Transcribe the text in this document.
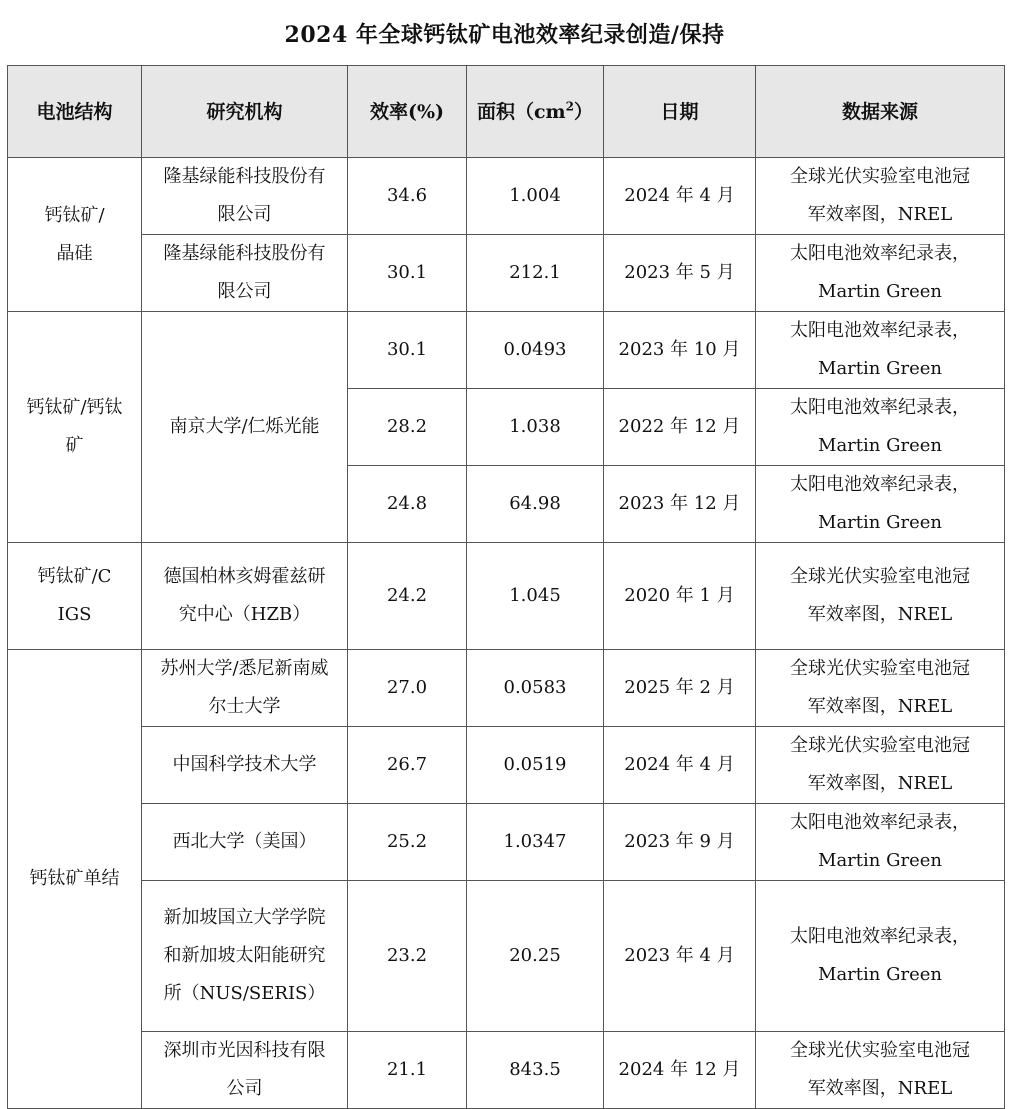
2024 年全球钙钛矿电池效率纪录创造/保持
电池结构	研究机构	效率(%)	面积$(cm^2)$	日期	数据来源
钙钛矿/晶硅	隆基绿能科技股份有限公司	34.6	1.004	2024 年 4 月	全球光伏实验室电池冠
军效率图，NREL

	隆基绿能科技股份有限公司	30.1	212.1	2023 年 5 月	太阳电池效率纪录表，
Martin Green

钙钛矿/钙钛矿	南京大学/仁烁光能	30.1	0.0493	2023 年 10 月	太阳电池效率纪录表，
Martin Green

		28.2	1.038	2022 年 12 月	太阳电池效率纪录表，
Martin Green

		24.8	64.98	2023 年 12 月	太阳电池效率纪录表，
Martin Green

钙钛矿/CIGS	德国柏林亥姆霍兹研究中心（HZB）	24.2	1.045	2020 年 1 月	全球光伏实验室电池冠
军效率图，NREL

钙钛矿单结	苏州大学/悉尼新南威尔士大学	27.0	0.0583	2025 年 2 月	全球光伏实验室电池冠
军效率图，NREL

	中国科学技术大学	26.7	0.0519	2024 年 4 月	全球光伏实验室电池冠
军效率图，NREL

	西北大学（美国）	25.2	1.0347	2023 年 9 月	太阳电池效率纪录表，
Martin Green

	新加坡国立大学学院和新加坡太阳能研究所（NUS/SERIS）	23.2	20.25	2023 年 4 月	太阳电池效率纪录表，
Martin Green

	深圳市光因科技有限公司	21.1	843.5	2024 年 12 月	全球光伏实验室电池冠
军效率图，NREL
